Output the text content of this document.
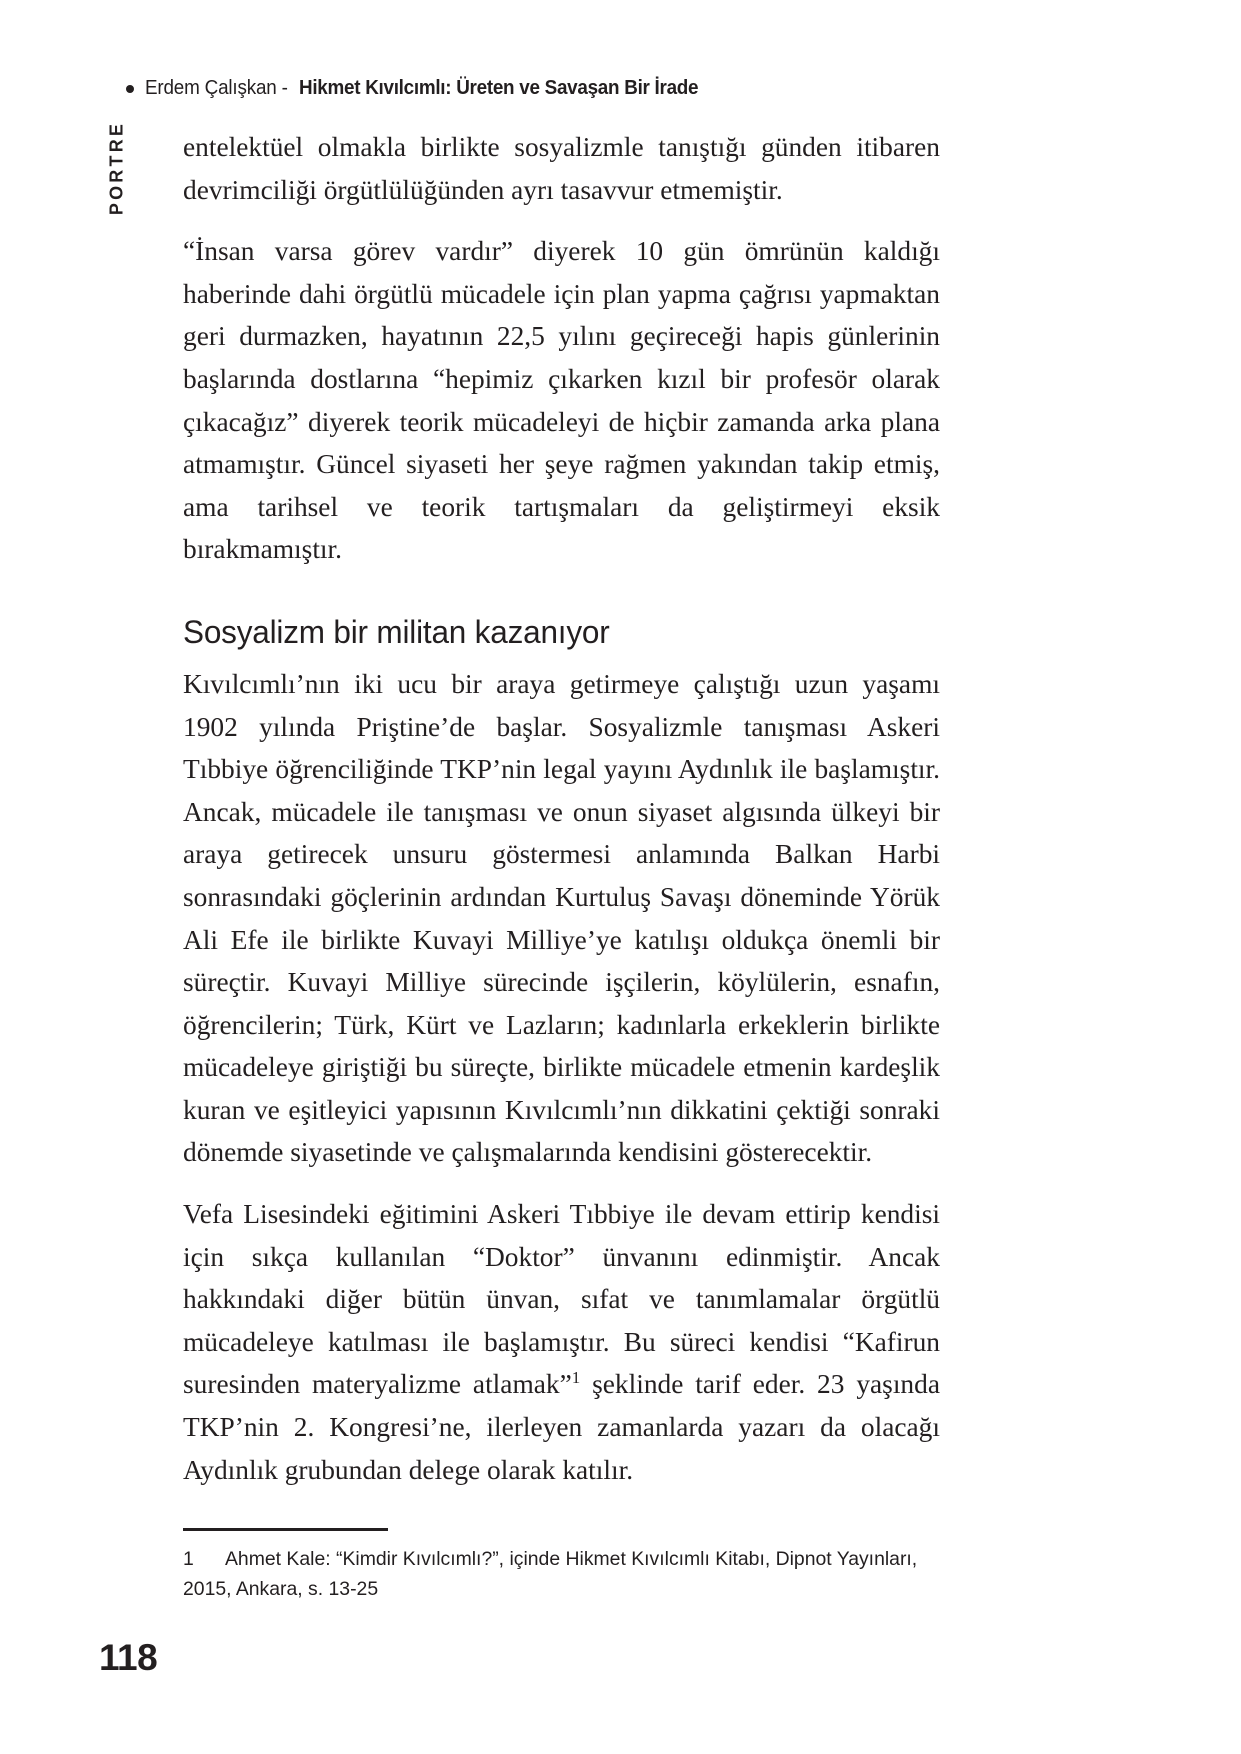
Erdem Çalışkan - Hikmet Kıvılcımlı: Üreten ve Savaşan Bir İrade
PORTRE entelektüel olmakla birlikte sosyalizmle tanıştığı günden itibaren devrimciliği örgütlülüğünden ayrı tasavvur etmemiştir.

“İnsan varsa görev vardır” diyerek 10 gün ömrünün kaldığı haberinde dahi örgütlü mücadele için plan yapma çağrısı yapmaktan geri durmazken, hayatının 22,5 yılını geçireceği hapis günlerinin başlarında dostlarına “hepimiz çıkarken kızıl bir profesör olarak çıkacağız” diyerek teorik mücadeleyi de hiçbir zamanda arka plana atmamıştır. Güncel siyaseti her şeye rağmen yakından takip etmiş, ama tarihsel ve teorik tartışmaları da geliştirmeyi eksik bırakmamıştır.

Sosyalizm bir militan kazanıyor

Kıvılcımlı’nın iki ucu bir araya getirmeye çalıştığı uzun yaşamı 1902 yılında Priştine’de başlar. Sosyalizmle tanışması Askeri Tıbbiye öğrenciliğinde TKP’nin legal yayını Aydınlık ile başlamıştır. Ancak, mücadele ile tanışması ve onun siyaset algısında ülkeyi bir araya getirecek unsuru göstermesi anlamında Balkan Harbi sonrasındaki göçlerinin ardından Kurtuluş Savaşı döneminde Yörük Ali Efe ile birlikte Kuvayi Milliye’ye katılışı oldukça önemli bir süreçtir. Kuvayi Milliye sürecinde işçilerin, köylülerin, esnafın, öğrencilerin; Türk, Kürt ve Lazların; kadınlarla erkeklerin birlikte mücadeleye giriştiği bu süreçte, birlikte mücadele etmenin kardeşlik kuran ve eşitleyici yapısının Kıvılcımlı’nın dikkatini çektiği sonraki dönemde siyasetinde ve çalışmalarında kendisini gösterecektir.

Vefa Lisesindeki eğitimini Askeri Tıbbiye ile devam ettirip kendisi için sıkça kullanılan “Doktor” ünvanını edinmiştir. Ancak hakkındaki diğer bütün ünvan, sıfat ve tanımlamalar örgütlü mücadeleye katılması ile başlamıştır. Bu süreci kendisi “Kafirun suresinden materyalizme atlamak”$^1$ şeklinde tarif eder. 23 yaşında TKP’nin 2. Kongresi’ne, ilerleyen zamanlarda yazarı da olacağı Aydınlık grubundan delege olarak katılır.

1 Ahmet Kale: “Kimdir Kıvılcımlı?”, içinde Hikmet Kıvılcımlı Kitabı, Dipnot Yayınları,
2015, Ankara, s. 13-25
118
